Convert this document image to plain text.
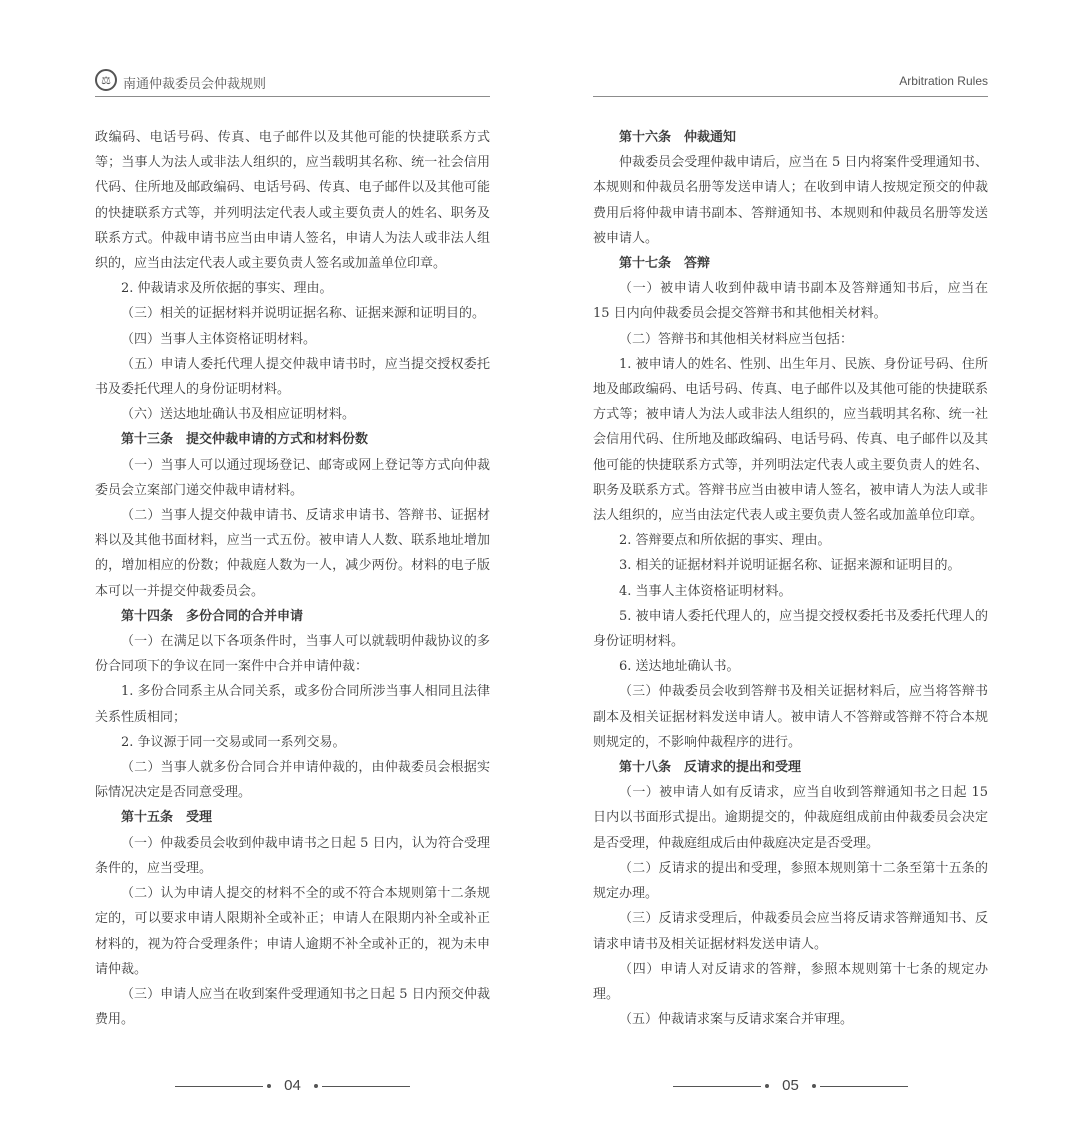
⚖ 南通仲裁委员会仲裁规则

政编码、电话号码、传真、电子邮件以及其他可能的快捷联系方式等；当事人为法人或非法人组织的，应当载明其名称、统一社会信用代码、住所地及邮政编码、电话号码、传真、电子邮件以及其他可能的快捷联系方式等，并列明法定代表人或主要负责人的姓名、职务及联系方式。仲裁申请书应当由申请人签名，申请人为法人或非法人组织的，应当由法定代表人或主要负责人签名或加盖单位印章。

2. 仲裁请求及所依据的事实、理由。

（三）相关的证据材料并说明证据名称、证据来源和证明目的。

（四）当事人主体资格证明材料。

（五）申请人委托代理人提交仲裁申请书时，应当提交授权委托书及委托代理人的身份证明材料。

（六）送达地址确认书及相应证明材料。

第十三条　提交仲裁申请的方式和材料份数

（一）当事人可以通过现场登记、邮寄或网上登记等方式向仲裁委员会立案部门递交仲裁申请材料。

（二）当事人提交仲裁申请书、反请求申请书、答辩书、证据材料以及其他书面材料，应当一式五份。被申请人人数、联系地址增加的，增加相应的份数；仲裁庭人数为一人，减少两份。材料的电子版本可以一并提交仲裁委员会。

第十四条　多份合同的合并申请

（一）在满足以下各项条件时，当事人可以就载明仲裁协议的多份合同项下的争议在同一案件中合并申请仲裁：

1. 多份合同系主从合同关系，或多份合同所涉当事人相同且法律关系性质相同；

2. 争议源于同一交易或同一系列交易。

（二）当事人就多份合同合并申请仲裁的，由仲裁委员会根据实际情况决定是否同意受理。

第十五条　受理

（一）仲裁委员会收到仲裁申请书之日起 5 日内，认为符合受理条件的，应当受理。

（二）认为申请人提交的材料不全的或不符合本规则第十二条规定的，可以要求申请人限期补全或补正；申请人在限期内补全或补正材料的，视为符合受理条件；申请人逾期不补全或补正的，视为未申请仲裁。

（三）申请人应当在收到案件受理通知书之日起 5 日内预交仲裁费用。

04
Arbitration Rules

第十六条　仲裁通知

仲裁委员会受理仲裁申请后，应当在 5 日内将案件受理通知书、本规则和仲裁员名册等发送申请人；在收到申请人按规定预交的仲裁费用后将仲裁申请书副本、答辩通知书、本规则和仲裁员名册等发送被申请人。

第十七条　答辩

（一）被申请人收到仲裁申请书副本及答辩通知书后，应当在 15 日内向仲裁委员会提交答辩书和其他相关材料。

（二）答辩书和其他相关材料应当包括：

1. 被申请人的姓名、性别、出生年月、民族、身份证号码、住所地及邮政编码、电话号码、传真、电子邮件以及其他可能的快捷联系方式等；被申请人为法人或非法人组织的，应当载明其名称、统一社会信用代码、住所地及邮政编码、电话号码、传真、电子邮件以及其他可能的快捷联系方式等，并列明法定代表人或主要负责人的姓名、职务及联系方式。答辩书应当由被申请人签名，被申请人为法人或非法人组织的，应当由法定代表人或主要负责人签名或加盖单位印章。

2. 答辩要点和所依据的事实、理由。

3. 相关的证据材料并说明证据名称、证据来源和证明目的。

4. 当事人主体资格证明材料。

5. 被申请人委托代理人的，应当提交授权委托书及委托代理人的身份证明材料。

6. 送达地址确认书。

（三）仲裁委员会收到答辩书及相关证据材料后，应当将答辩书副本及相关证据材料发送申请人。被申请人不答辩或答辩不符合本规则规定的，不影响仲裁程序的进行。

第十八条　反请求的提出和受理

（一）被申请人如有反请求，应当自收到答辩通知书之日起 15 日内以书面形式提出。逾期提交的，仲裁庭组成前由仲裁委员会决定是否受理，仲裁庭组成后由仲裁庭决定是否受理。

（二）反请求的提出和受理，参照本规则第十二条至第十五条的规定办理。

（三）反请求受理后，仲裁委员会应当将反请求答辩通知书、反请求申请书及相关证据材料发送申请人。

（四）申请人对反请求的答辩，参照本规则第十七条的规定办理。

（五）仲裁请求案与反请求案合并审理。

05
